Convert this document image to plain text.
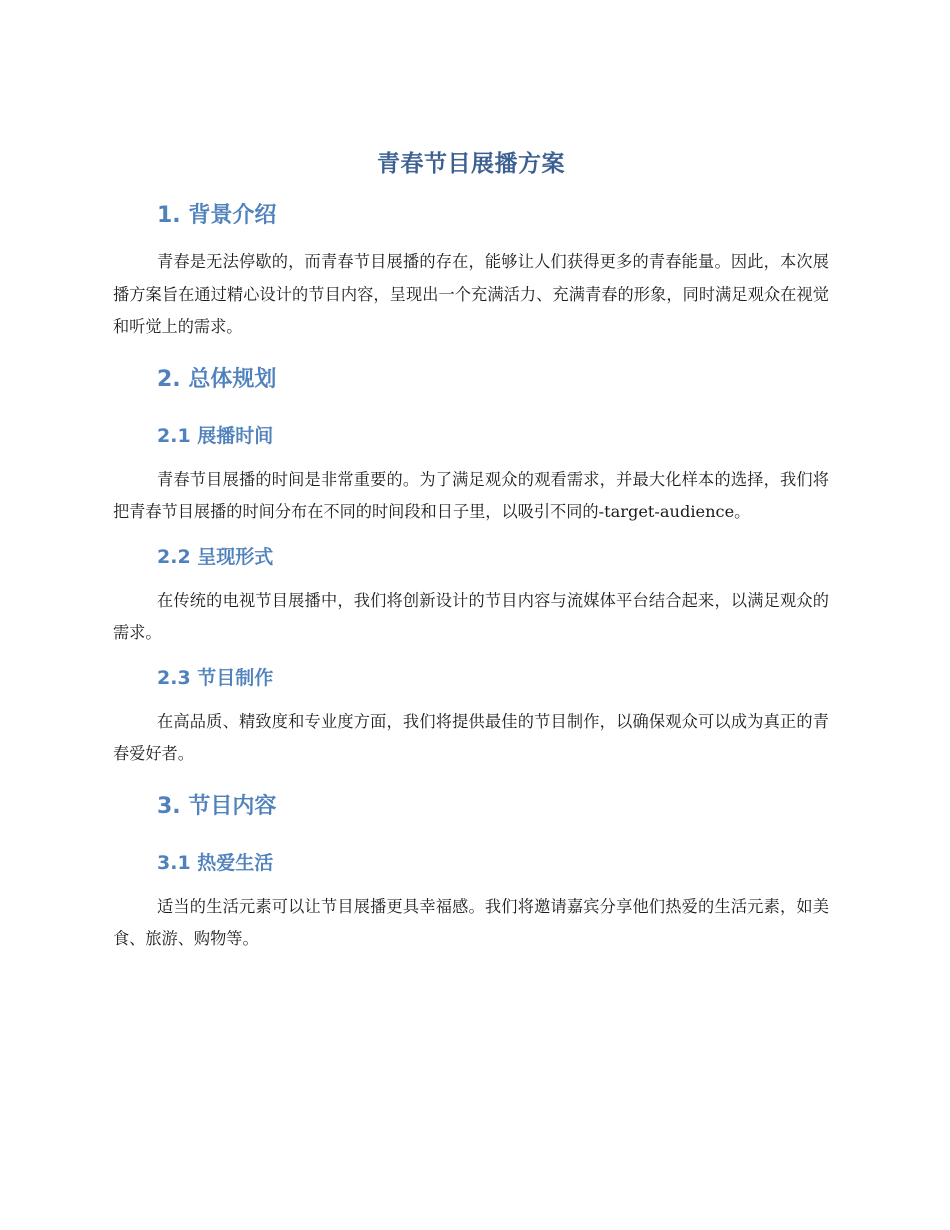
青春节目展播方案
1. 背景介绍

青春是无法停歇的，而青春节目展播的存在，能够让人们获得更多的青春能量。因此，本次展播方案旨在通过精心设计的节目内容，呈现出一个充满活力、充满青春的形象，同时满足观众在视觉和听觉上的需求。

2. 总体规划
2.1 展播时间

青春节目展播的时间是非常重要的。为了满足观众的观看需求，并最大化样本的选择，我们将把青春节目展播的时间分布在不同的时间段和日子里，以吸引不同的-target-audience。

2.2 呈现形式

在传统的电视节目展播中，我们将创新设计的节目内容与流媒体平台结合起来，以满足观众的需求。

2.3 节目制作

在高品质、精致度和专业度方面，我们将提供最佳的节目制作，以确保观众可以成为真正的青春爱好者。

3. 节目内容
3.1 热爱生活

适当的生活元素可以让节目展播更具幸福感。我们将邀请嘉宾分享他们热爱的生活元素，如美食、旅游、购物等。
